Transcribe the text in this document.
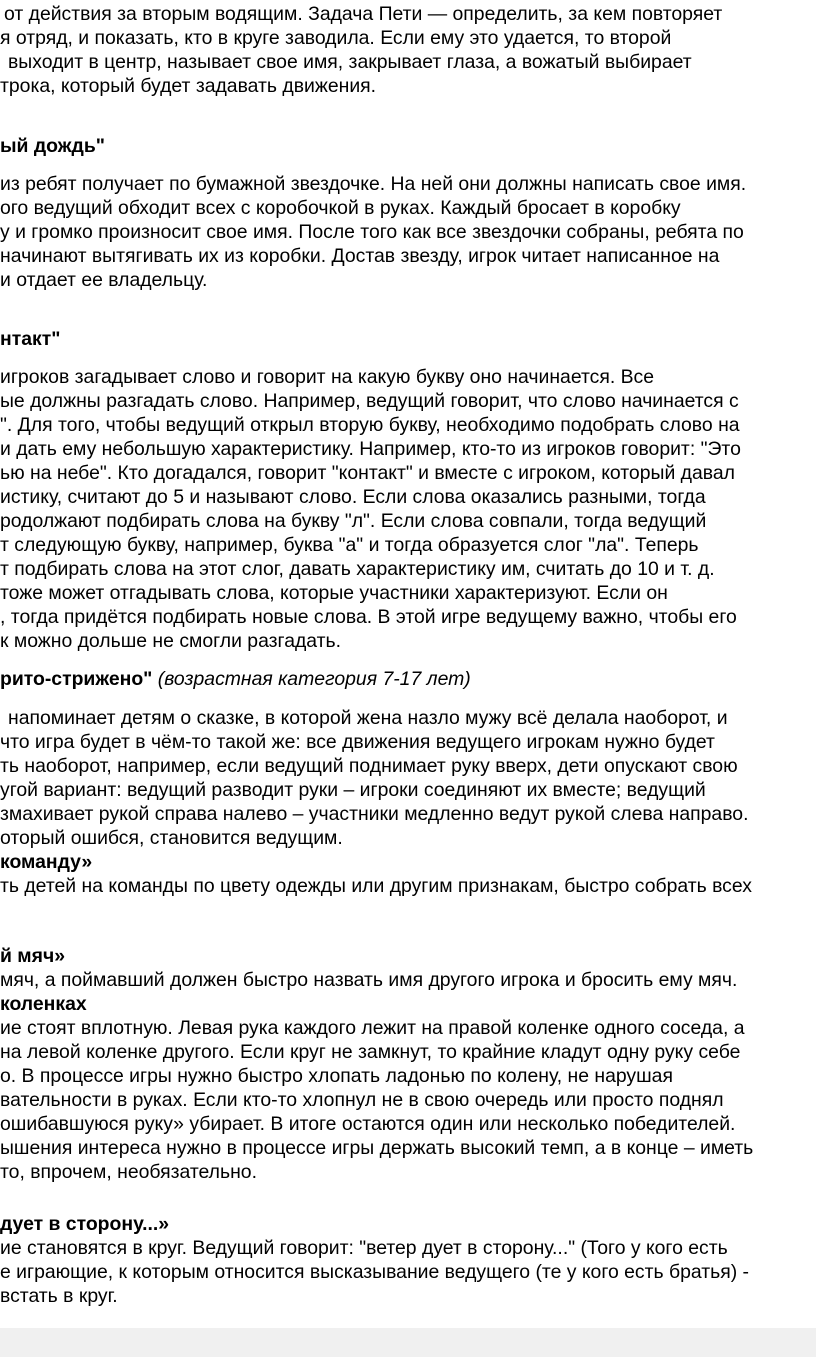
от действия за вторым водящим. Задача Пети — определить, за кем повторяет
я отряд, и показать, кто в круге заводила. Если ему это удается, то второй
выходит в центр, называет свое имя, закрывает глаза, а вожатый выбирает
трока, который будет задавать движения.
ый дождь"
из ребят получает по бумажной звездочке. На ней они должны написать свое имя.
ого ведущий обходит всех с коробочкой в руках. Каждый бросает в коробку
у и громко произносит свое имя. После того как все звездочки собраны, ребята по
начинают вытягивать их из коробки. Достав звезду, игрок читает написанное на
и отдает ее владельцу.
нтакт"
игроков загадывает слово и говорит на какую букву оно начинается. Все
ые должны разгадать слово. Например, ведущий говорит, что слово начинается с
". Для того, чтобы ведущий открыл вторую букву, необходимо подобрать слово на
и дать ему небольшую характеристику. Например, кто-то из игроков говорит: "Это
ью на небе". Кто догадался, говорит "контакт" и вместе с игроком, который давал
истику, считают до 5 и называют слово. Если слова оказались разными, тогда
родолжают подбирать слова на букву "л". Если слова совпали, тогда ведущий
т следующую букву, например, буква "а" и тогда образуется слог "ла". Теперь
т подбирать слова на этот слог, давать характеристику им, считать до 10 и т. д.
тоже может отгадывать слова, которые участники характеризуют. Если он
, тогда придётся подбирать новые слова. В этой игре ведущему важно, чтобы его
к можно дольше не смогли разгадать.
рито-стрижено" (возрастная категория 7-17 лет)
напоминает детям о сказке, в которой жена назло мужу всё делала наоборот, и
что игра будет в чём-то такой же: все движения ведущего игрокам нужно будет
ть наоборот, например, если ведущий поднимает руку вверх, дети опускают свою
угой вариант: ведущий разводит руки – игроки соединяют их вместе; ведущий
змахивает рукой справа налево – участники медленно ведут рукой слева направо.
оторый ошибся, становится ведущим.
команду»
ть детей на команды по цвету одежды или другим признакам, быстро собрать всех
й мяч»
мяч, а поймавший должен быстро назвать имя другого игрока и бросить ему мяч.
коленках
ие стоят вплотную. Левая рука каждого лежит на правой коленке одного соседа, а
на левой коленке другого. Если круг не замкнут, то крайние кладут одну руку себе
о. В процессе игры нужно быстро хлопать ладонью по колену, не нарушая
вательности в руках. Если кто-то хлопнул не в свою очередь или просто поднял
ошибавшуюся руку» убирает. В итоге остаются один или несколько победителей.
ышения интереса нужно в процессе игры держать высокий темп, а в конце – иметь
то, впрочем, необязательно.
дует в сторону...»
ие становятся в круг. Ведущий говорит: "ветер дует в сторону..." (Того у кого есть
е играющие, к которым относится высказывание ведущего (те у кого есть братья) -
встать в круг.
